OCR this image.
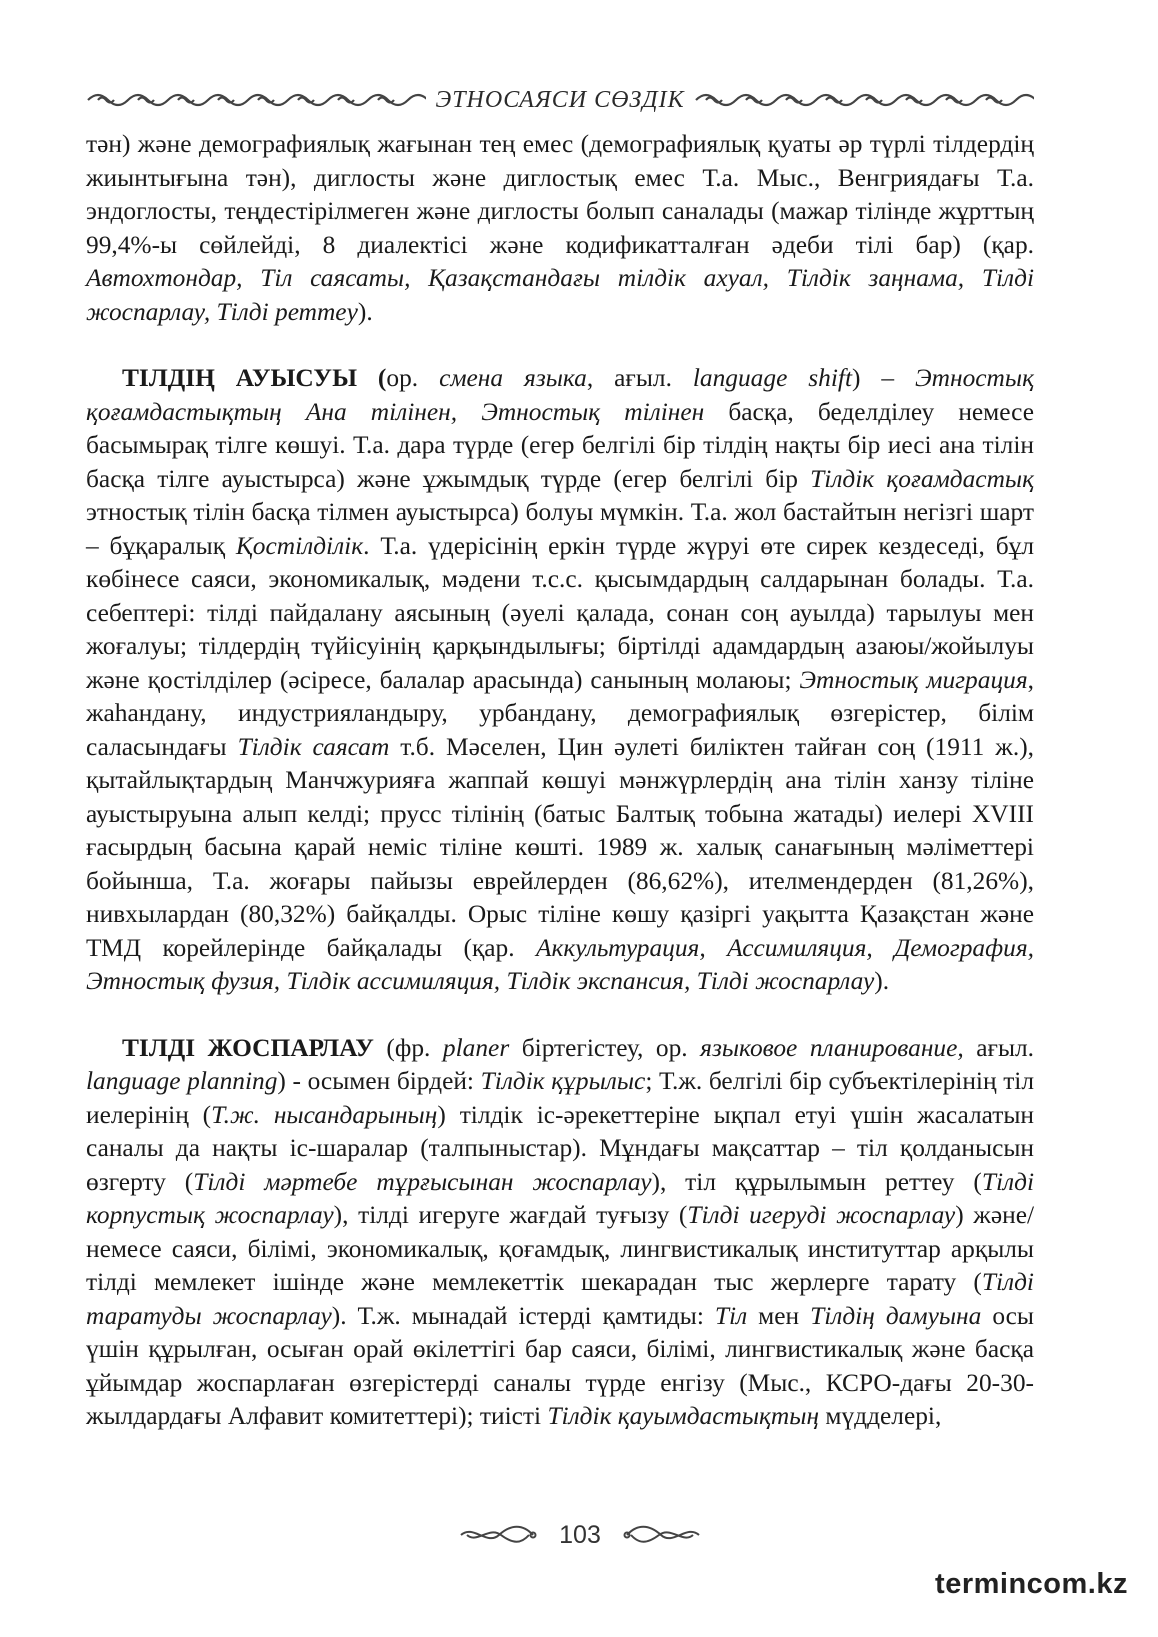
ЭТНОСАЯСИ СӨЗДІК

тəн) жəне демографиялық жағынан тең емес (демографиялық қуаты əр түрлі тілдердің жиынтығына тəн), диглосты жəне диглостық емес Т.а. Мыс., Венгриядағы Т.а. эндоглосты, теңдестірілмеген жəне диглосты болып саналады (мажар тілінде жұрттың 99,4%-ы сөйлейді, 8 диалектісі жəне кодификатталған əдеби тілі бар) (қар. Автохтондар, Тіл саясаты, Қазақстандағы тілдік ахуал, Тілдік заңнама, Тілді жоспарлау, Тілді реттеу).

ТІЛДІҢ АУЫСУЫ (ор. смена языка, ағыл. language shift) – Этностық қоғамдастықтың Ана тілінен, Этностық тілінен басқа, беделділеу немесе басымырақ тілге көшуі. Т.а. дара түрде (егер белгілі бір тілдің нақты бір иесі ана тілін басқа тілге ауыстырса) жəне ұжымдық түрде (егер белгілі бір Тілдік қоғамдастық этностық тілін басқа тілмен ауыстырса) болуы мүмкін. Т.а. жол бастайтын негізгі шарт – бұқаралық Қостілділік. Т.а. үдерісінің еркін түрде жүруі өте сирек кездеседі, бұл көбінесе саяси, экономикалық, мəдени т.с.с. қысымдардың салдарынан болады. Т.а. себептері: тілді пайдалану аясының (əуелі қалада, сонан соң ауылда) тарылуы мен жоғалуы; тілдердің түйісуінің қарқындылығы; біртілді адамдардың азаюы/жойылуы жəне қостілділер (əсіресе, балалар арасында) санының молаюы; Этностық миграция, жаһандану, индустрияландыру, урбандану, демографиялық өзгерістер, білім саласындағы Тілдік саясат т.б. Мəселен, Цин əулеті биліктен тайған соң (1911 ж.), қытайлықтардың Манчжурияға жаппай көшуі мəнжүрлердің ана тілін ханзу тіліне ауыстыруына алып келді; прусс тілінің (батыс Балтық тобына жатады) иелері XVIII ғасырдың басына қарай неміс тіліне көшті. 1989 ж. халық санағының мəліметтері бойынша, Т.а. жоғары пайызы еврейлерден (86,62%), ителмендерден (81,26%), нивхылардан (80,32%) байқалды. Орыс тіліне көшу қазіргі уақытта Қазақстан жəне ТМД корейлерінде байқалады (қар. Аккультурация, Ассимиляция, Демография, Этностық фузия, Тілдік ассимиляция, Тілдік экспансия, Тілді жоспарлау).

ТІЛДІ ЖОСПАРЛАУ (фр. planer біртегістеу, ор. языковое планирование, ағыл. language planning) - осымен бірдей: Тілдік құрылыс; Т.ж. белгілі бір субъектілерінің тіл иелерінің (Т.ж. нысандарының) тілдік іс-əрекеттеріне ықпал етуі үшін жасалатын саналы да нақты іс-шаралар (талпыныстар). Мұндағы мақсаттар – тіл қолданысын өзгерту (Тілді мəртебе тұрғысынан жоспарлау), тіл құрылымын реттеу (Тілді корпустық жоспарлау), тілді игеруге жағдай туғызу (Тілді игеруді жоспарлау) жəне/немесе саяси, білімі, экономикалық, қоғамдық, лингвистикалық институттар арқылы тілді мемлекет ішінде жəне мемлекеттік шекарадан тыс жерлерге тарату (Тілді таратуды жоспарлау). Т.ж. мынадай істерді қамтиды: Тіл мен Тілдің дамуына осы үшін құрылған, осыған орай өкілеттігі бар саяси, білімі, лингвистикалық жəне басқа ұйымдар жоспарлаған өзгерістерді саналы түрде енгізу (Мыс., КСРО-дағы 20-30-жылдардағы Алфавит комитеттері); тиісті Тілдік қауымдастықтың мүдделері,

103
termincom.kz
